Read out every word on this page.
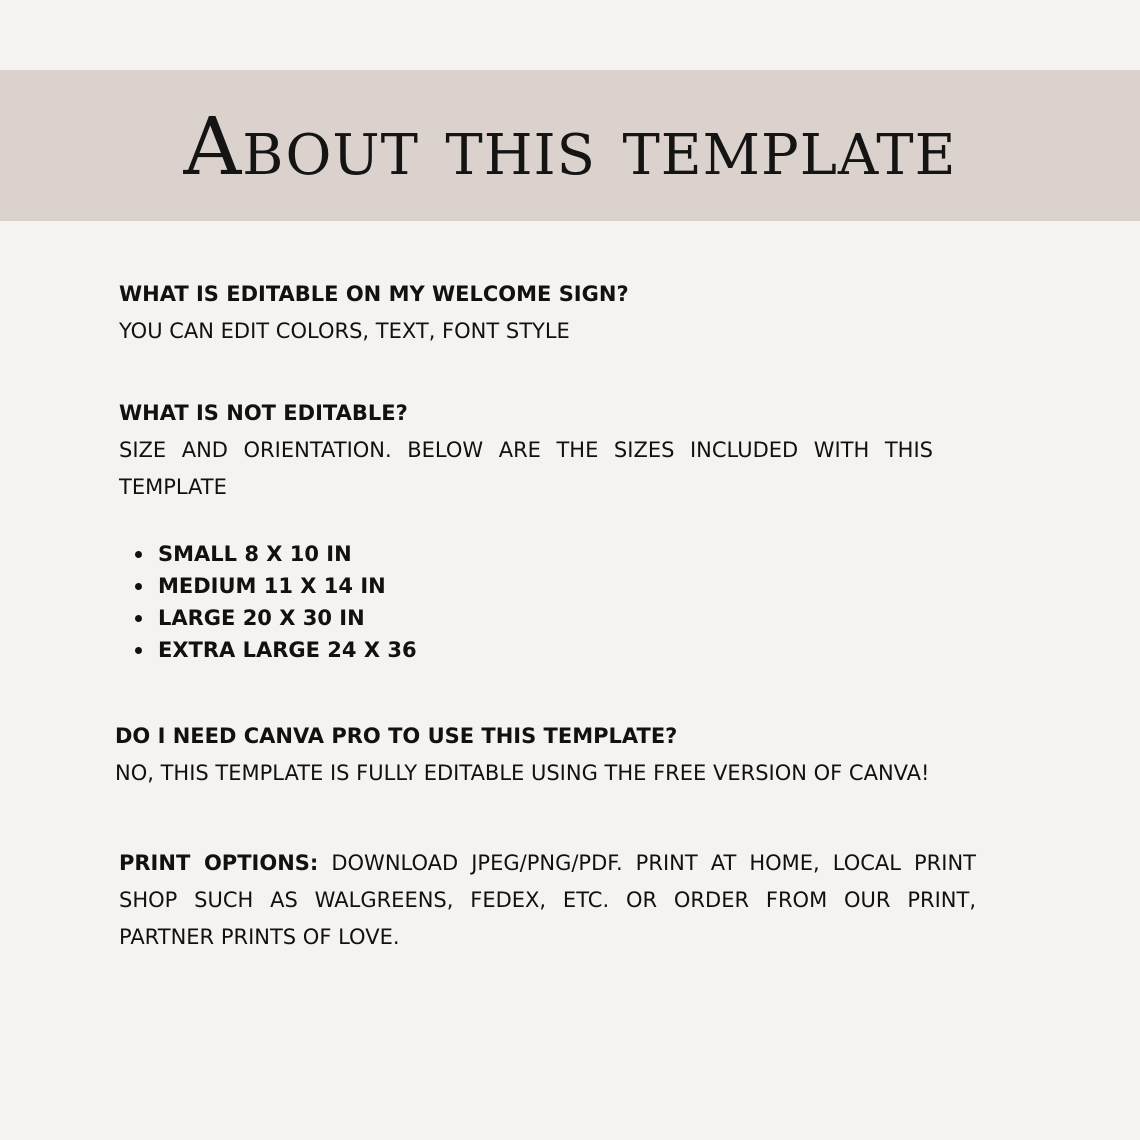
About this template

WHAT IS EDITABLE ON MY WELCOME SIGN?

YOU CAN EDIT COLORS, TEXT, FONT STYLE

WHAT IS NOT EDITABLE?

SIZE AND ORIENTATION. BELOW ARE THE SIZES INCLUDED WITH THIS TEMPLATE

SMALL 8 X 10 IN
MEDIUM 11 X 14 IN
LARGE 20 X 30 IN
EXTRA LARGE 24 X 36

DO I NEED CANVA PRO TO USE THIS TEMPLATE?

NO, THIS TEMPLATE IS FULLY EDITABLE USING THE FREE VERSION OF CANVA!

PRINT OPTIONS: DOWNLOAD JPEG/PNG/PDF. PRINT AT HOME, LOCAL PRINT SHOP SUCH AS WALGREENS, FEDEX, ETC. OR ORDER FROM OUR PRINT, PARTNER PRINTS OF LOVE.
